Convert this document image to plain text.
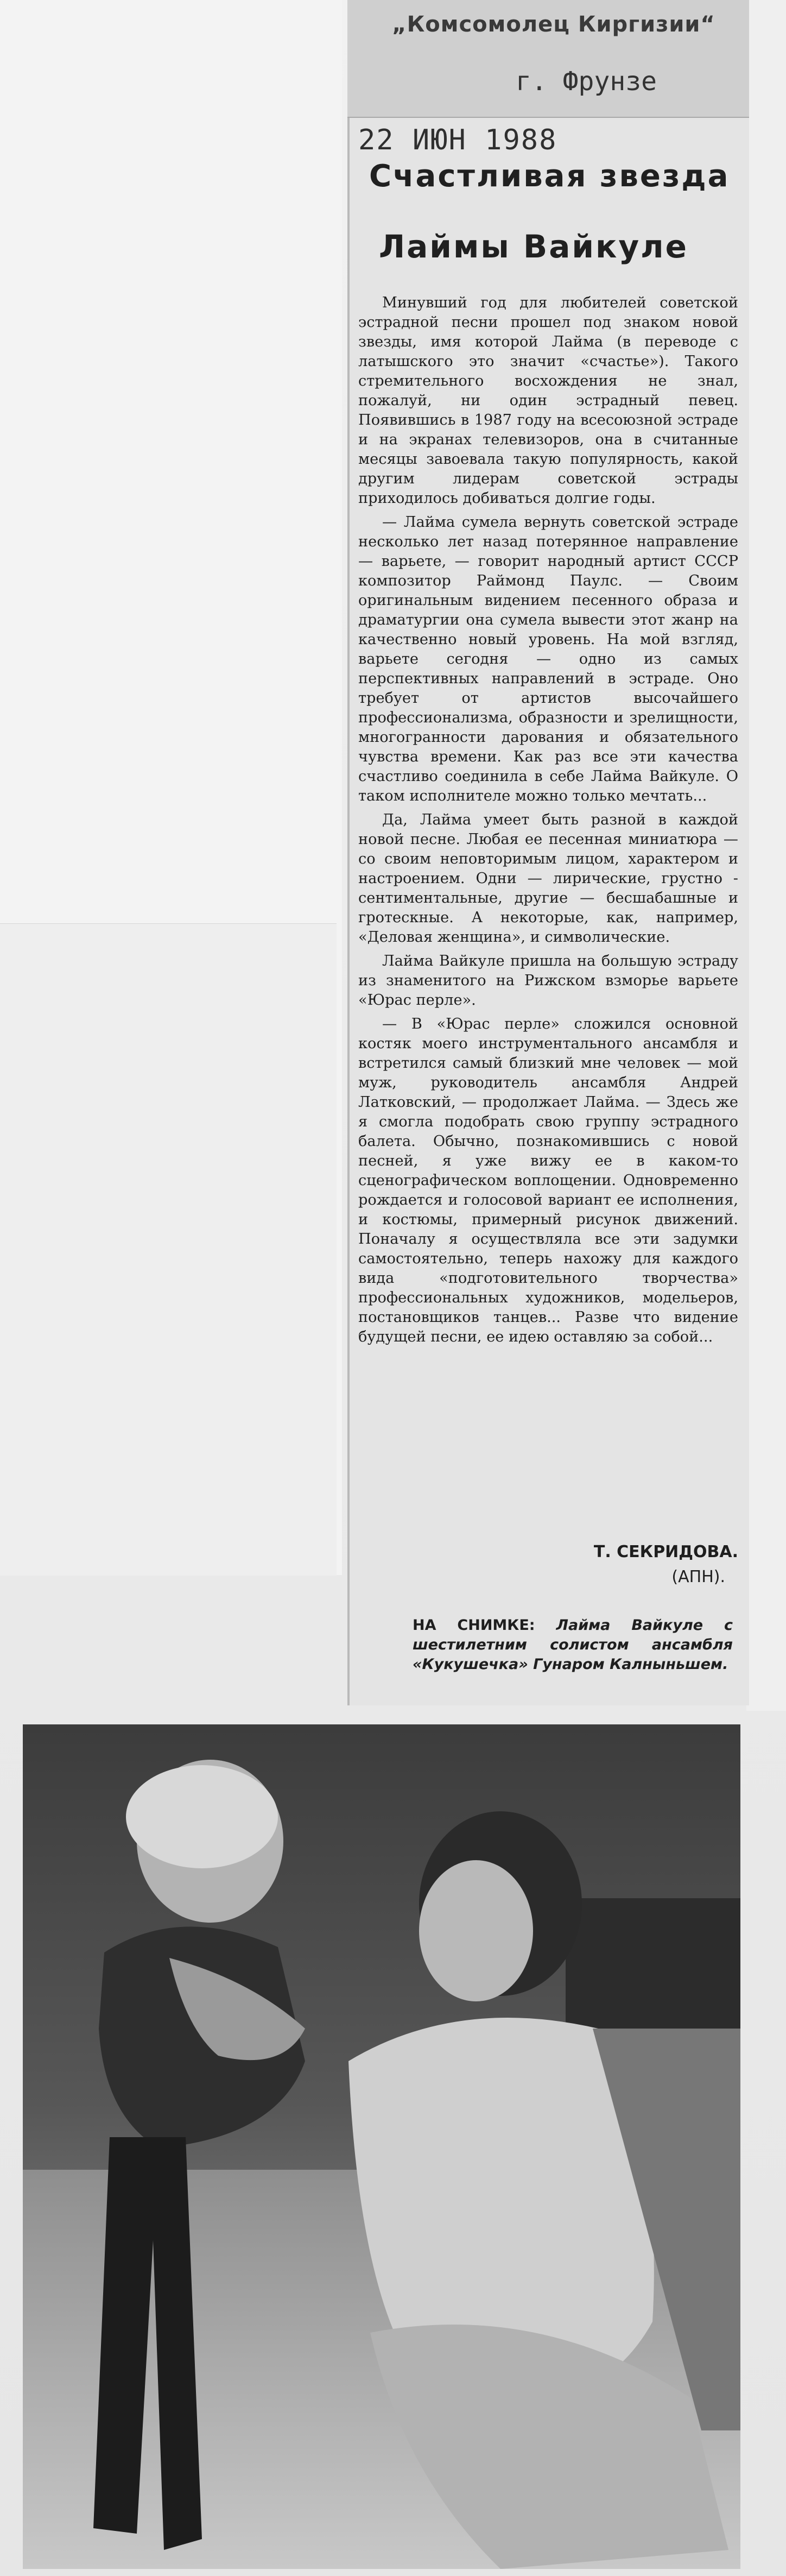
„Комсомолец Киргизии“
г. Фрунзе
22 ИЮН 1988
Счастливая звезда
Лаймы Вайкуле

Минувший год для любителей советской эстрадной песни прошел под знаком новой звезды, имя которой Лайма (в переводе с латышского это значит «счастье»). Такого стремительного восхождения не знал, пожалуй, ни один эстрадный певец. Появившись в 1987 году на всесоюзной эстраде и на экранах телевизоров, она в считанные месяцы завоевала такую популярность, какой другим лидерам советской эстрады приходилось добиваться долгие годы.

— Лайма сумела вернуть советской эстраде несколько лет назад потерянное направление — варьете, — говорит народный артист СССР композитор Раймонд Паулс. — Своим оригинальным видением песенного образа и драматургии она сумела вывести этот жанр на качественно новый уровень. На мой взгляд, варьете сегодня — одно из самых перспективных направлений в эстраде. Оно требует от артистов высочайшего профессионализма, образности и зрелищности, многогранности дарования и обязательного чувства времени. Как раз все эти качества счастливо соединила в себе Лайма Вайкуле. О таком исполнителе можно только мечтать...

Да, Лайма умеет быть разной в каждой новой песне. Любая ее песенная миниатюра — со своим неповторимым лицом, характером и настроением. Одни — лирические, грустно - сентиментальные, другие — бесшабашные и гротескные. А некоторые, как, например, «Деловая женщина», и символические.

Лайма Вайкуле пришла на большую эстраду из знаменитого на Рижском взморье варьете «Юрас перле».

— В «Юрас перле» сложился основной костяк моего инструментального ансамбля и встретился самый близкий мне человек — мой муж, руководитель ансамбля Андрей Латковский, — продолжает Лайма. — Здесь же я смогла подобрать свою группу эстрадного балета. Обычно, познакомившись с новой песней, я уже вижу ее в каком-то сценографическом воплощении. Одновременно рождается и голосовой вариант ее исполнения, и костюмы, примерный рисунок движений. Поначалу я осуществляла все эти задумки самостоятельно, теперь нахожу для каждого вида «подготовительного творчества» профессиональных художников, модельеров, постановщиков танцев... Разве что видение будущей песни, ее идею оставляю за собой...

Т. СЕКРИДОВА.
(АПН).
НА СНИМКЕ: Лайма Вайкуле с шестилетним солистом ансамбля «Кукушечка» Гунаром Калныньшем.
